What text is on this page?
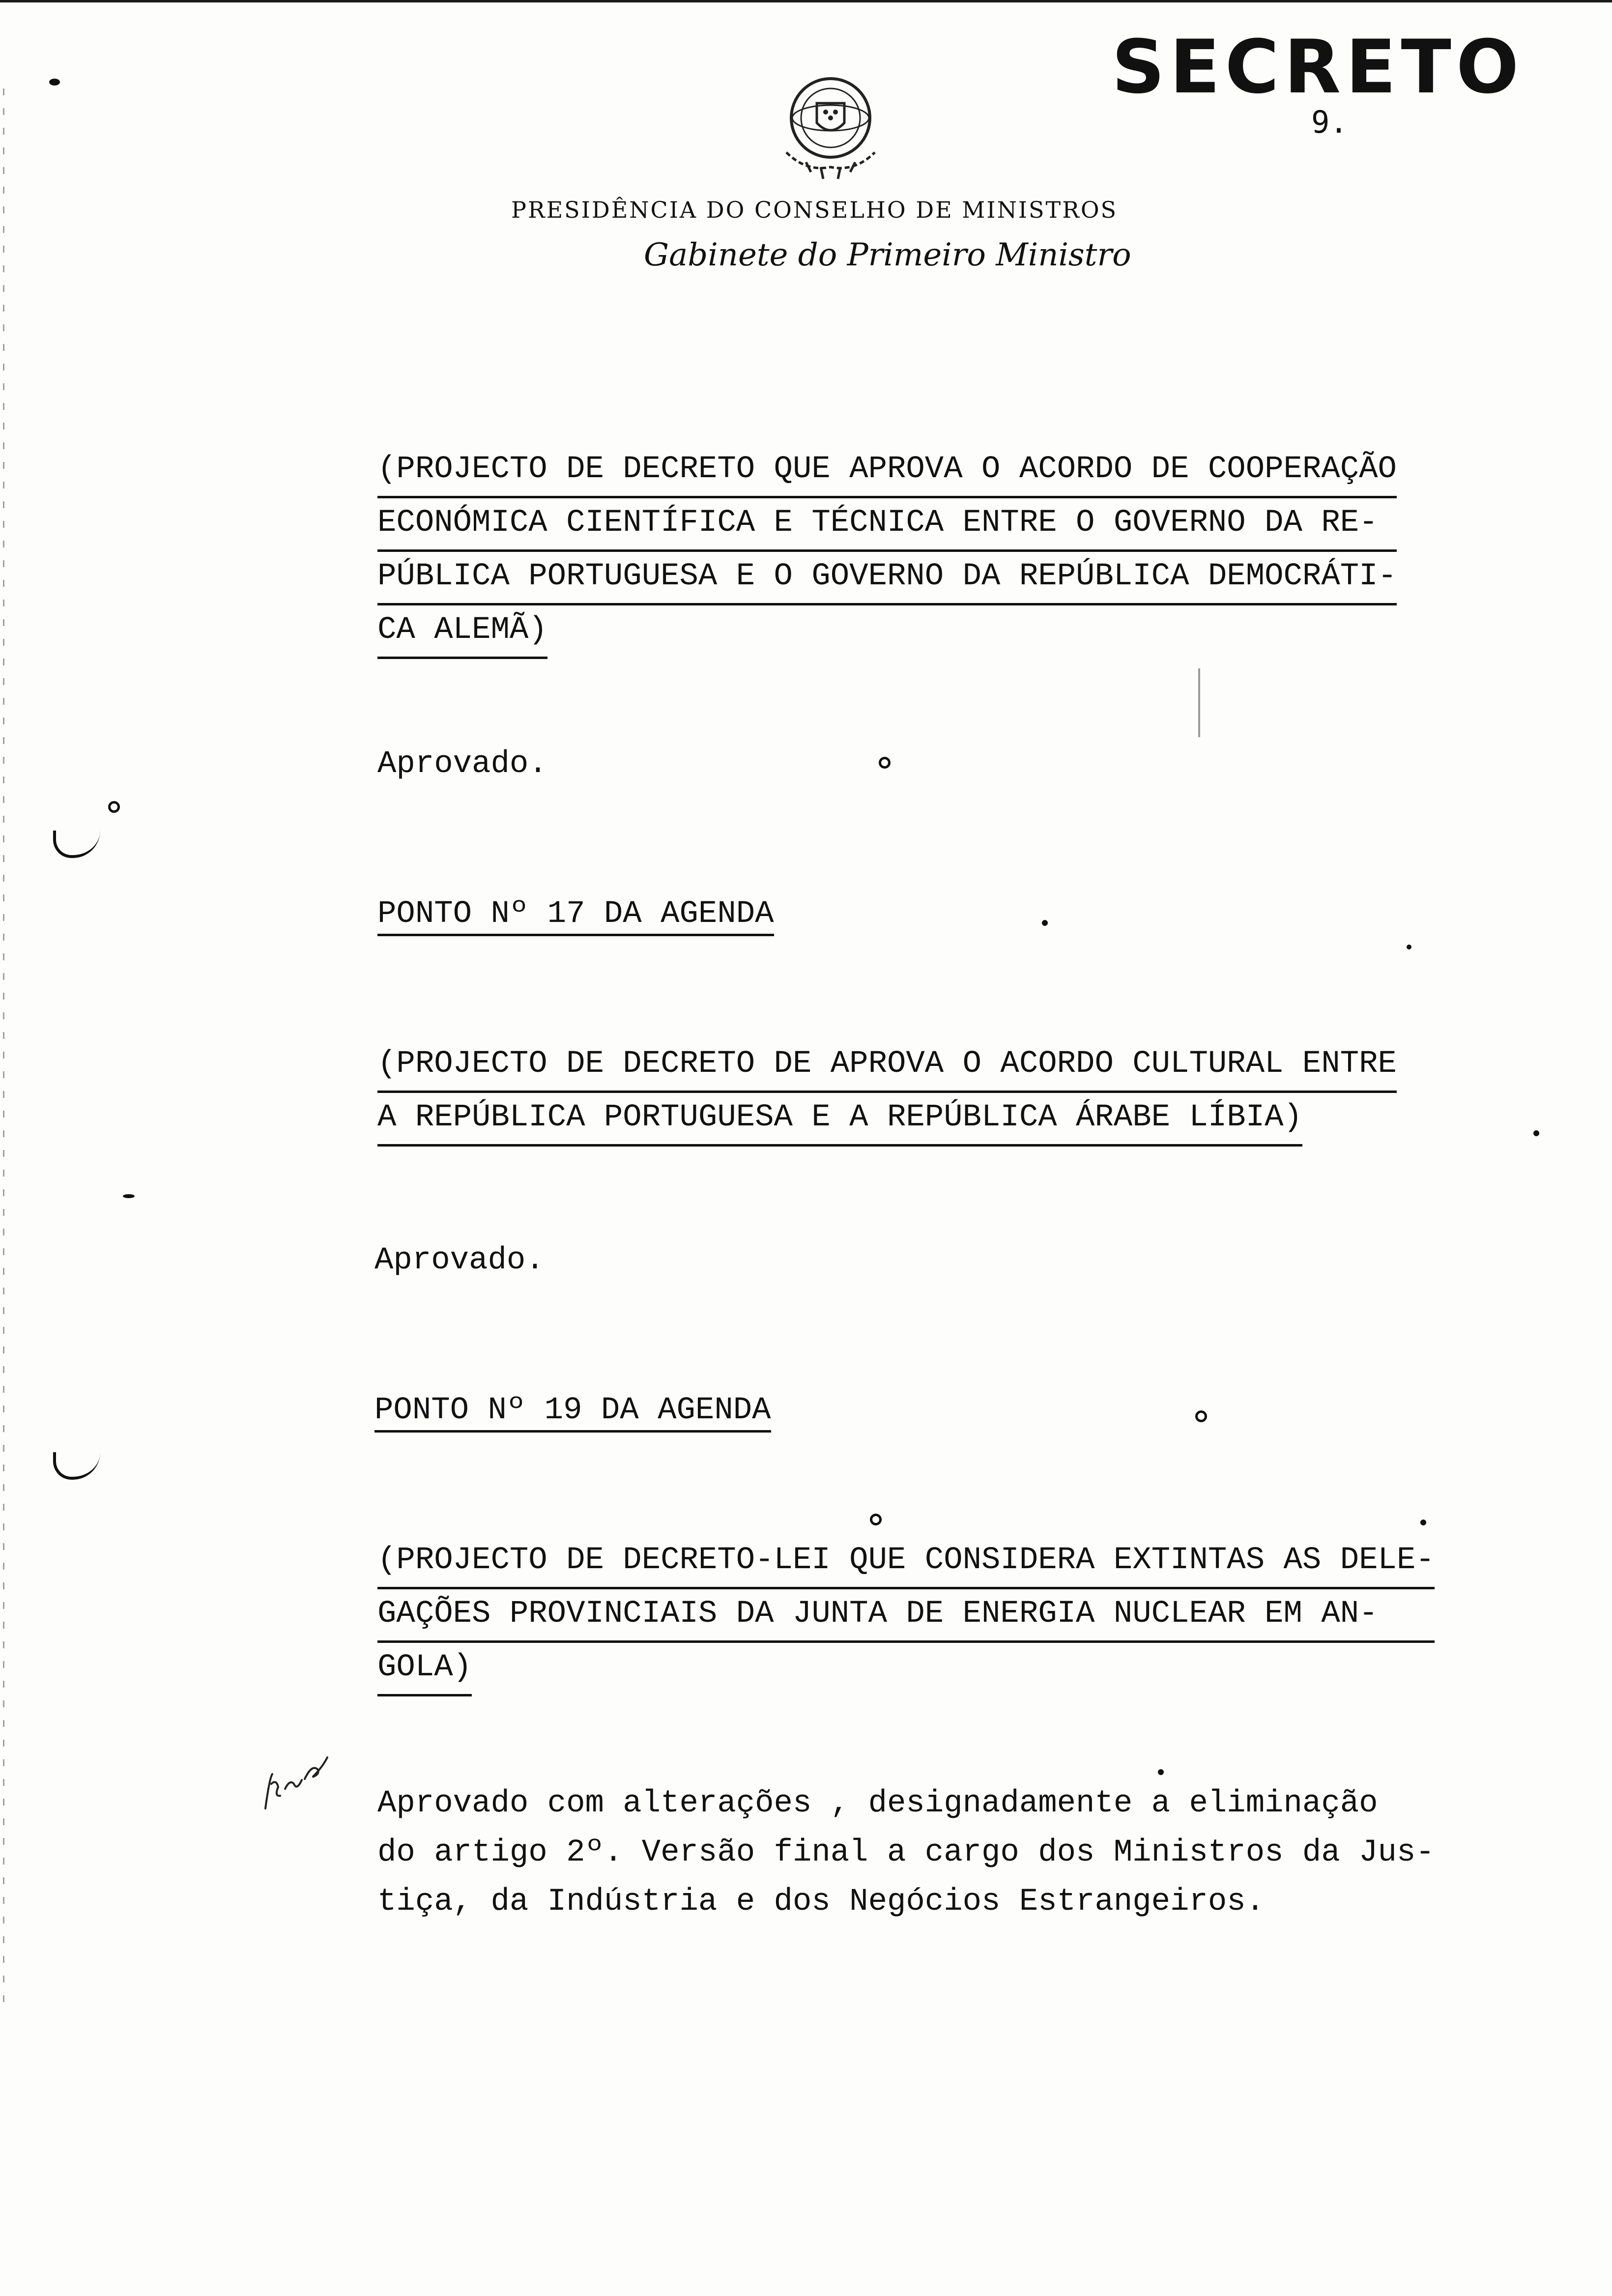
SECRETO
9.
PRESIDÊNCIA DO CONSELHO DE MINISTROS
Gabinete do Primeiro Ministro
(PROJECTO DE DECRETO QUE APROVA O ACORDO DE COOPERAÇÃO
ECONÓMICA CIENTÍFICA E TÉCNICA ENTRE O GOVERNO DA RE-
PÚBLICA PORTUGUESA E O GOVERNO DA REPÚBLICA DEMOCRÁTI-
CA ALEMÃ)
Aprovado.
PONTO Nº 17 DA AGENDA
(PROJECTO DE DECRETO DE APROVA O ACORDO CULTURAL ENTRE
A REPÚBLICA PORTUGUESA E A REPÚBLICA ÁRABE LÍBIA)
Aprovado.
PONTO Nº 19 DA AGENDA
(PROJECTO DE DECRETO-LEI QUE CONSIDERA EXTINTAS AS DELE-
GAÇÕES PROVINCIAIS DA JUNTA DE ENERGIA NUCLEAR EM AN-
GOLA)
Aprovado com alterações , designadamente a eliminação
do artigo 2º. Versão final a cargo dos Ministros da Jus-
tiça, da Indústria e dos Negócios Estrangeiros.
